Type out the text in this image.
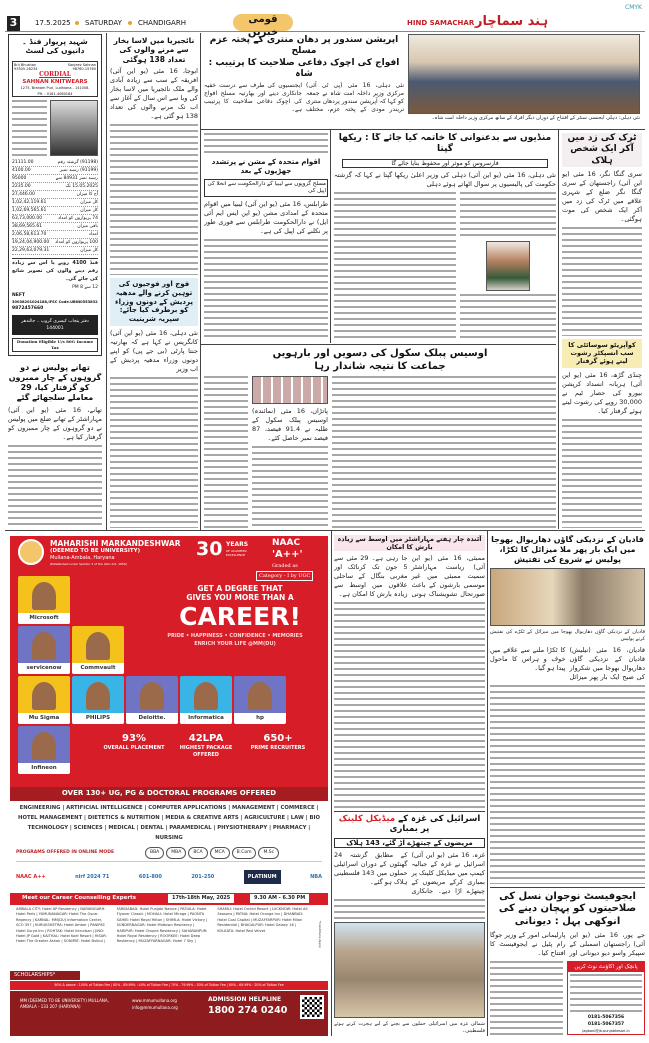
CMYK
3	17.5.2025 SATURDAY CHANDIGARH	قومی خبریں
HIND SAMACHAR ہند سماچار
شہید پریوار فنڈ ۔ دانیوں کی لسٹ
Brij Bhushan
93505-28234
Sanjeev Sahnan
98760-15760
CORDIAL
SAHNAN KNITWEARS
1275, Braham Puri, Ludhiana - 141008.
PH. : 0161-4080184
21111.00	(91198) گزشتہ رقم
4100.00	(91199) رسید نمبر
95000	رسید نمبر 84931 سے
2235.00	15.05.2025 تک
27,446.00	آج کا میزان
1,02,42,119.61	کل میزان
1,02,69,565.61	کل میزان
63,73,000.00	74 پریواروں کو امداد
38,69,565.61	باقی میزان
2,06,58,613.70	امداد
19,24,04,900.00 100 پریواروں کو امداد
22,29,63,079.31	کل میزان
فنڈ 4100 روپے یا اس سے زیادہ رقم دینے والوں کی تصویر شائع کی جائے گی۔
12 سے PM 8
NEFT
30038201024188,IFSC Code.UBIN0553832
9872457660
دفتر پنجاب کیسری گروپ ۔ جالندھر 144001
Donation Eligible U/s 80G Income Tax
تھانے پولیس نے دو گروہوں کے چار ممبروں کو گرفتار کیا، 29 معاملے سلجھائے گئے
تھانے، 16 مئی (یو این آئی) مہاراشٹر کے تھانے ضلع میں پولیس نے دو گروہوں کے چار ممبروں کو گرفتار کیا ہے۔
نائجیریا میں لاسا بخار سے مرنے والوں کی تعداد 138 ہوگئی
ابوجا، 16 مئی (یو این آئی) افریقہ کے سب سے زیادہ آبادی والے ملک نائجیریا میں لاسا بخار کی وبا سے اس سال کے آغاز سے اب تک مرنے والوں کی تعداد 138 ہو گئی ہے۔
فوج اور فوجیوں کی توہین کرنے والے مدھیہ پردیش کے دونوں وزراء کو برطرف کیا جائے: سپریہ شرینیت
نئی دہلی، 16 مئی (یو این آئی) کانگریس نے کہا ہے کہ بھارتیہ جنتا پارٹی (بی جے پی) کو اپنے دونوں وزراء مدھیہ پردیش کے اب وزیر
آپریشن سندور پر دھان منتری کے پختہ عزم مسلح
افواج کی اچوک دفاعی صلاحیت کا پرتیبب : شاہ
نئی دہلی، 16 مئی (پی ٹی آئی) مرکزی وزیر داخلہ امت شاہ نے جمعہ کو کہا کہ آپریشن سندور پردھان منتری نریندر مودی کے پختہ عزم، مختلف ایجنسیوں کی طرف سے درست خفیہ جانکاری دینے اور بھارتیہ مسلح افواج کی اچوک دفاعی صلاحیت کا پرتیبب ہے۔
نئی دہلی: دہلی ایجنسی سنٹر کے افتتاح کے دوران دیگر افراد کے ساتھ مرکزی وزیر داخلہ امت شاہ۔
اقوام متحدہ کے مشن نے پرتشدد جھڑپوں کے بعد
مسلح گروپوں سے لیبیا کے دارالحکومت سے انخلا کی اپیل کی
طرابلس، 16 مئی (یو این آئی) لیبیا میں اقوام متحدہ کے امدادی مشن (یو این ایس ایم آئی ایل) نے دارالحکومت طرابلس سے فوری طور پر نکلنے کی اپیل کی ہے۔
منڈیوں سے بدعنوانی کا خاتمہ کیا جائے گا : ریکھا گپتا
فارسروس کو موثر اور محفوظ بنایا جائے گا
نئی دہلی، 16 مئی (یو این آئی) دہلی کی وزیر اعلیٰ ریکھا گپتا نے کہا کہ گزشتہ حکومت کی پالیسیوں پر سوال اٹھاتے ہوئے دہلی
اوسیس پبلک سکول کی دسویں اور بارہویں جماعت کا نتیجہ شاندار رہا
پاتڑاں، 16 مئی (نمائندہ) اوسیس پبلک سکول کے طلبہ نے 91.4 فیصد، 87 فیصد نمبر حاصل کئے۔
ٹرک کی زد میں آکر ایک شخص ہلاک
سری گنگا نگر، 16 مئی (یو این آئی) راجستھان کے سری گنگا نگر ضلع کے شہری علاقے میں ٹرک کی زد میں آکر ایک شخص کی موت ہوگئی۔
کوآپریٹو سوسائٹی کا سب انسپکٹر رشوت لیتے ہوئے گرفتار
چنڈی گڑھ، 16 مئی (یو این آئی) ہریانہ انسداد کرپشن بیورو کی حصار ٹیم نے 30,000 روپے کی رشوت لیتے ہوئے گرفتار کیا۔
MAHARISHI MARKANDESHWAR
(DEEMED TO BE UNIVERSITY)
Mullana-Ambala, Haryana
(Established under Section 3 of the UGC Act, 1956)
30 YEARS
OF ACADEMIC EXCELLENCE
NAAC
'A++'
Graded as
Category - I by UGC
GET A DEGREE THAT
GIVES YOU MORE THAN A
CAREER!
PRIDE • HAPPINESS • CONFIDENCE • MEMORIES
ENRICH YOUR LIFE @MM(DU)
93%
OVERALL PLACEMENT
42LPA
HIGHEST PACKAGE OFFERED
650+
PRIME RECRUITERS
OVER 130+ UG, PG & DOCTORAL PROGRAMS OFFERED
ENGINEERING | ARTIFICIAL INTELLIGENCE | COMPUTER APPLICATIONS | MANAGEMENT | COMMERCE | HOTEL MANAGEMENT | DIETETICS & NUTRITION | MEDIA & CREATIVE ARTS | AGRICULTURE | LAW | BIO TECHNOLOGY | SCIENCES | MEDICAL | DENTAL | PARAMEDICAL | PHYSIOTHERAPY | PHARMACY | NURSING
PROGRAMS OFFERED IN ONLINE MODE	BBA	MBA	BCA	MCA	B.Com	M.Sc
NAAC A++	nirf 2024 71	601-800	201-250	PLATINUM	NBA
Meet our Career Counselling Experts	17th-18th May, 2025	9.30 AM - 6.30 PM
AMBALA CITY: Hotel AP Residency | NARAINGARH: Hotel Paris | YAMUNANAGAR: Hotel The Oscar Regency | KARNAL: MM(DU) Information Center, SCO 357 | KURUKSHETRA: Hotel Amber | PANIPAT: Hotel Surya Inn | ROHTAK: Hotel Intrurban | JIND: Hotel JP Gold | KAITHAL: Hotel Koel Resort | HISAR: Hotel The Greater Ashok | SONIPAT: Hotel Bulbul | FARIDABAD: Hotel Punjabi Nature | PATIALA: Hotel Flyover Classic | MOHALI: Hotel Mirage | PAONTA SAHIB: Hotel Royal Hilton | SHIMLA: Hotel Victory | SUNDERNAGAR: Hotel Midtown Residency | HARIPUR: Hotel Chopra Residency | SAHARANPUR: Hotel Royal Residency | ROORKEE: Hotel Deep Residency | MUZAFFARNAGAR: Hotel 7 Sky | SHAMLI: Hotel Orchid Resort | LUCKNOW: Hotel All Seasons | PATNA: Hotel Orange Inn | DHANBAD: Hotel Coal Capital | MUZAFFARPUR: Hotel Milan Residential | BHAGALPUR: Hotel Galaxy 16 | KOLKATA: Hotel Red Velvet	*Conditions Apply
SCHOLARSHIPS*
90% & above : 100% of Tuition Fee | 80% - 89.99% : 40% of Tuition Fee | 70% - 79.99% : 30% of Tuition Fee | 60% - 69.99% : 20% of Tuition Fee
MM (DEEMED TO BE UNIVERSITY) MULLANA, AMBALA - 133 207 (HARYANA)
www.mmumullana.org
info@mmumullana.org
ADMISSION HELPLINE
1800 274 0240
Microsoft
servicenow	Commvault
Mu Sigma	PHILIPS	Deloitte.	Informatica	hp
Infineon
آئندہ چار ہفتے مہاراشٹر میں اوسط سے زیادہ بارش کا امکان
ممبئی، 16 مئی (یو این آئی) ریاست مہاراشٹر سمیت ممبئی میں غیر موسمی بارشوں کے باعث صورتحال تشویشناک ہوتی جا رہی ہے۔ 29 مئی سے 5 جون تک کرناٹک اور مغربی بنگال کے ساحلی علاقوں میں اوسط سے زیادہ بارش کا امکان ہے۔
اسرائیل کی غزہ کے میڈیکل کلینک پر بمباری
مریضوں کے چیتھڑے اڑ گئے، 143 ہلاک
غزہ، 16 مئی (یو این آئی) اسرائیل نے غزہ کے جبالیہ کیمپ میں میڈیکل کلینک پر بمباری کرکے مریضوں کے چیتھڑے اڑا دیے۔ جانکاری کے مطابق گزشتہ 24 گھنٹوں کے دوران اسرائیلی حملوں میں 143 فلسطینی ہلاک ہو گئے۔
شمالی غزہ میں اسرائیلی حملوں سے بچنے کے لیے ہجرت کرتے ہوئے فلسطینی۔
قادیان کے نزدیکی گاؤں دھاریوال بھوجا میں ایک بار پھر ملا میزائل کا ٹکڑا، پولیس نے شروع کی تفتیش
قادیان کے نزدیکی گاؤں دھاریوال بھوجا میں میزائل کے ٹکڑے کی تفتیش کرتے پولیس
قادیان، 16 مئی (نیلیش) قادیان کے نزدیکی گاؤں دھاریوال بھوجا میں شکروار کی صبح ایک بار پھر میزائل کا ٹکڑا ملنے سے علاقے میں خوف و ہراس کا ماحول پیدا ہو گیا۔
ایجوفیسٹ نوجوان نسل کی صلاحیتوں کو پہچان دینے کی انوکھی پہل : دیونانی
جے پور، 16 مئی (یو این آئی) راجستھان اسمبلی کے سپیکر واسو دیو دیونانی اور پارلیمانی امور کے وزیر جوگا رام پٹیل نے ایجوفیسٹ کا افتتاح کیا۔
پانچک اور اکاؤنٹ نوٹ کریں
0181-5067356
0181-5067357
jagbani@jb.punjabkesari.in
